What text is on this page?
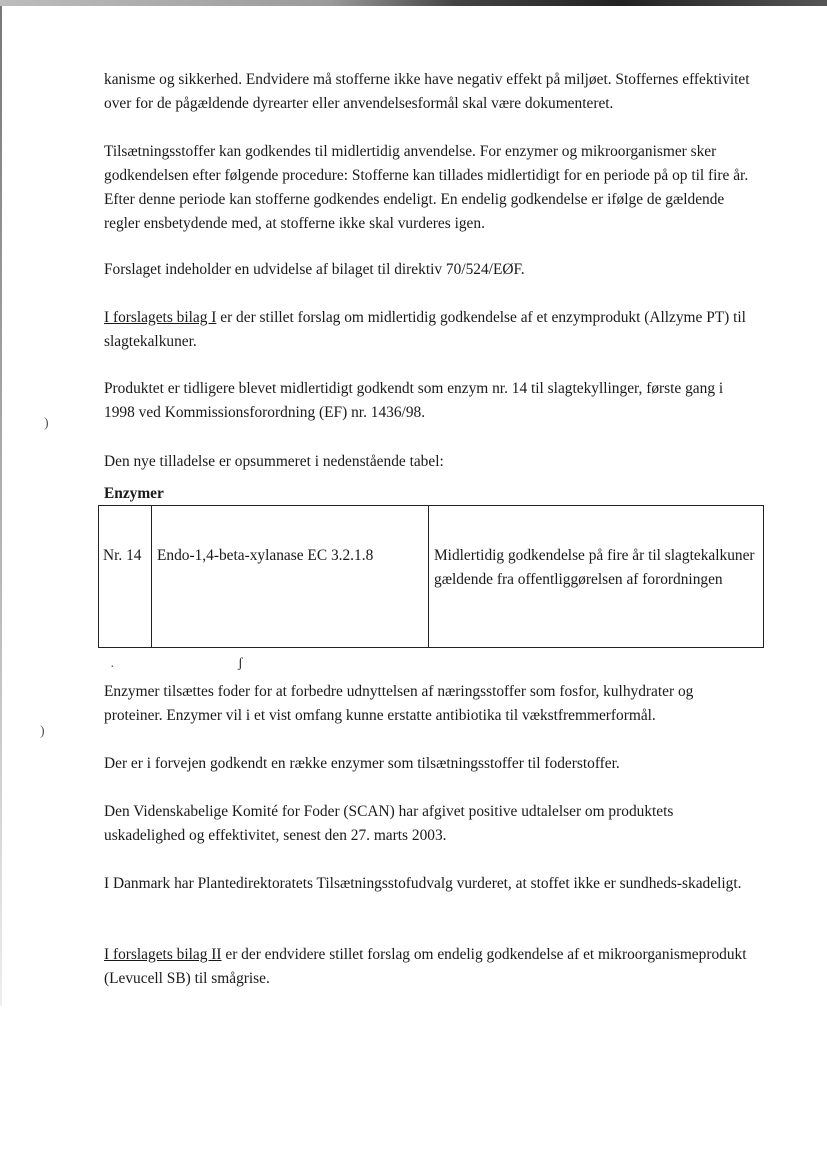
kanisme og sikkerhed. Endvidere må stofferne ikke have negativ effekt på miljøet. Stoffernes effektivitet over for de pågældende dyrearter eller anvendelsesformål skal være dokumenteret.

Tilsætningsstoffer kan godkendes til midlertidig anvendelse. For enzymer og mikroorganismer sker godkendelsen efter følgende procedure: Stofferne kan tillades midlertidigt for en periode på op til fire år. Efter denne periode kan stofferne godkendes endeligt. En endelig godkendelse er ifølge de gældende regler ensbetydende med, at stofferne ikke skal vurderes igen.

Forslaget indeholder en udvidelse af bilaget til direktiv 70/524/EØF.

I forslagets bilag I er der stillet forslag om midlertidig godkendelse af et enzymprodukt (Allzyme PT) til slagtekalkuner.

Produktet er tidligere blevet midlertidigt godkendt som enzym nr. 14 til slagtekyllinger, første gang i 1998 ved Kommissionsforordning (EF) nr. 1436/98.

Den nye tilladelse er opsummeret i nedenstående tabel:

Enzymer
Nr. 14	Endo-1,4-beta-xylanase EC 3.2.1.8	Midlertidig godkendelse på fire år til slagtekalkuner gældende fra offentliggørelsen af forordningen
·	ʃ
)
)

Enzymer tilsættes foder for at forbedre udnyttelsen af næringsstoffer som fosfor, kulhydrater og proteiner. Enzymer vil i et vist omfang kunne erstatte antibiotika til vækstfremmerformål.

Der er i forvejen godkendt en række enzymer som tilsætningsstoffer til foderstoffer.

Den Videnskabelige Komité for Foder (SCAN) har afgivet positive udtalelser om produktets uskadelighed og effektivitet, senest den 27. marts 2003.

I Danmark har Plantedirektoratets Tilsætningsstofudvalg vurderet, at stoffet ikke er sundheds-skadeligt.

I forslagets bilag II er der endvidere stillet forslag om endelig godkendelse af et mikroorganismeprodukt (Levucell SB) til smågrise.
